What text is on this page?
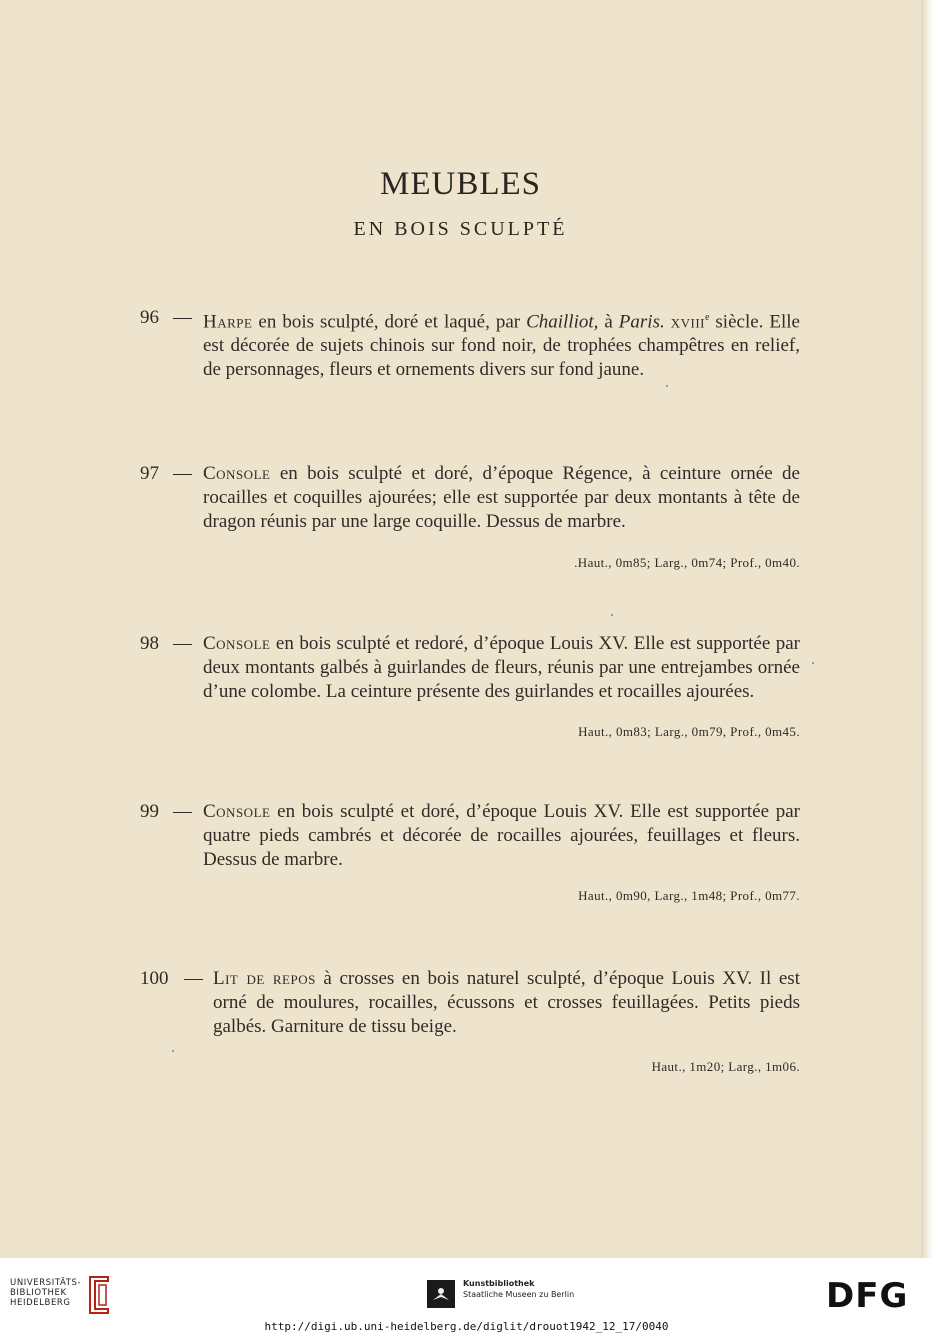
MEUBLES
EN BOIS SCULPTÉ
96 — Harpe en bois sculpté, doré et laqué, par Chailliot, à Paris. xviii$^e$ siècle. Elle est décorée de sujets chinois sur fond noir, de trophées champêtres en relief, de personnages, fleurs et ornements divers sur fond jaune.
97 — Console en bois sculpté et doré, d’époque Régence, à ceinture ornée de rocailles et coquilles ajourées; elle est supportée par deux montants à tête de dragon réunis par une large coquille. Dessus de marbre.
.Haut., 0m85; Larg., 0m74; Prof., 0m40.
98 — Console en bois sculpté et redoré, d’époque Louis XV. Elle est supportée par deux montants galbés à guirlandes de fleurs, réunis par une entrejambes ornée d’une colombe. La ceinture présente des guirlandes et rocailles ajourées.
Haut., 0m83; Larg., 0m79, Prof., 0m45.
99 — Console en bois sculpté et doré, d’époque Louis XV. Elle est supportée par quatre pieds cambrés et décorée de rocailles ajourées, feuillages et fleurs. Dessus de marbre.
Haut., 0m90, Larg., 1m48; Prof., 0m77.
100 — Lit de repos à crosses en bois naturel sculpté, d’époque Louis XV. Il est orné de moulures, rocailles, écussons et crosses feuillagées. Petits pieds galbés. Garniture de tissu beige.
Haut., 1m20; Larg., 1m06.
UNIVERSITÄTS-
BIBLIOTHEK
HEIDELBERG
Kunstbibliothek
Staatliche Museen zu Berlin	DFG
http://digi.ub.uni-heidelberg.de/diglit/drouot1942_12_17/0040
